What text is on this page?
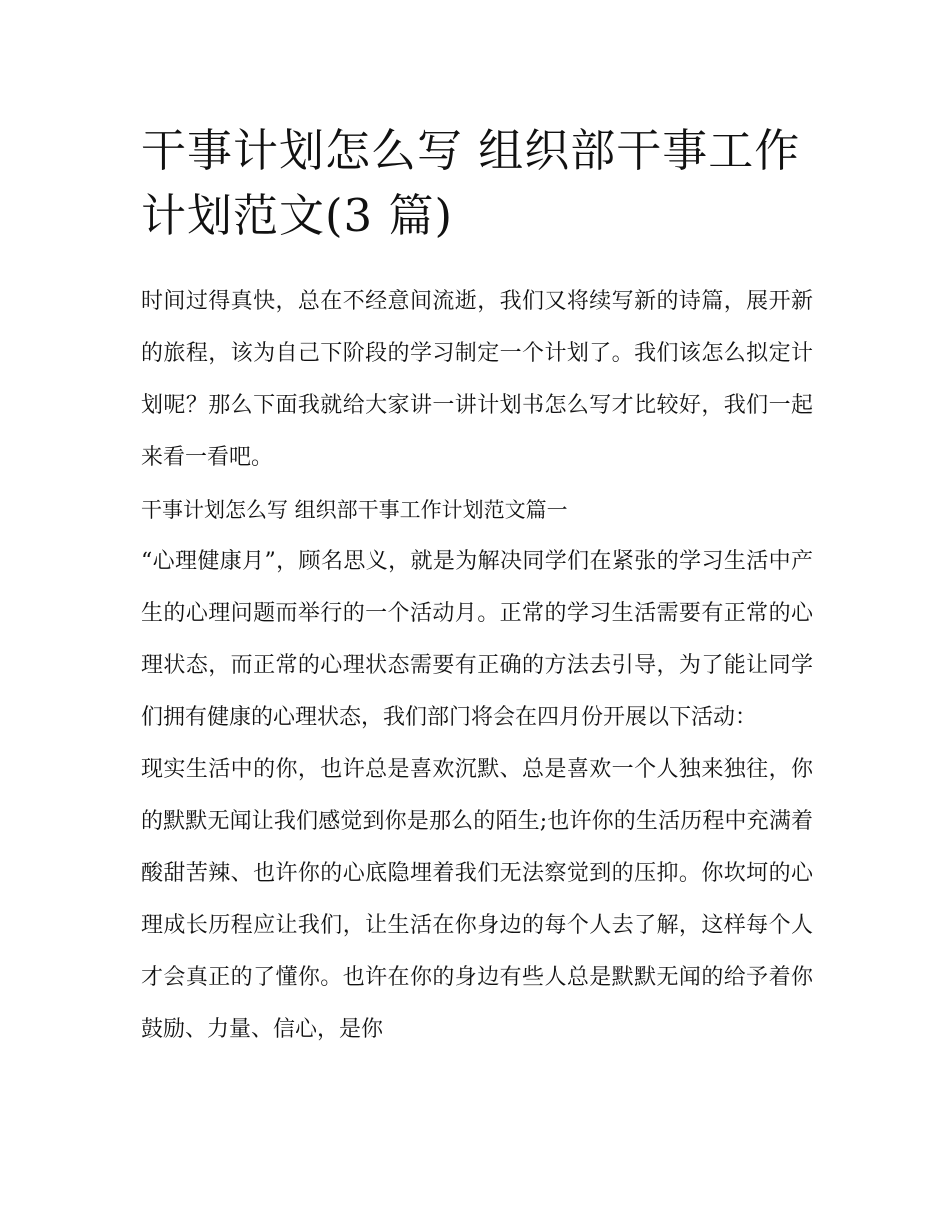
干事计划怎么写 组织部干事工作计划范文(3 篇)

时间过得真快，总在不经意间流逝，我们又将续写新的诗篇，展开新的旅程，该为自己下阶段的学习制定一个计划了。我们该怎么拟定计划呢？那么下面我就给大家讲一讲计划书怎么写才比较好，我们一起来看一看吧。

干事计划怎么写 组织部干事工作计划范文篇一

“心理健康月”，顾名思义，就是为解决同学们在紧张的学习生活中产生的心理问题而举行的一个活动月。正常的学习生活需要有正常的心理状态，而正常的心理状态需要有正确的方法去引导，为了能让同学们拥有健康的心理状态，我们部门将会在四月份开展以下活动：

现实生活中的你，也许总是喜欢沉默、总是喜欢一个人独来独往，你的默默无闻让我们感觉到你是那么的陌生;也许你的生活历程中充满着酸甜苦辣、也许你的心底隐埋着我们无法察觉到的压抑。你坎坷的心理成长历程应让我们，让生活在你身边的每个人去了解，这样每个人才会真正的了懂你。也许在你的身边有些人总是默默无闻的给予着你鼓励、力量、信心，是你
